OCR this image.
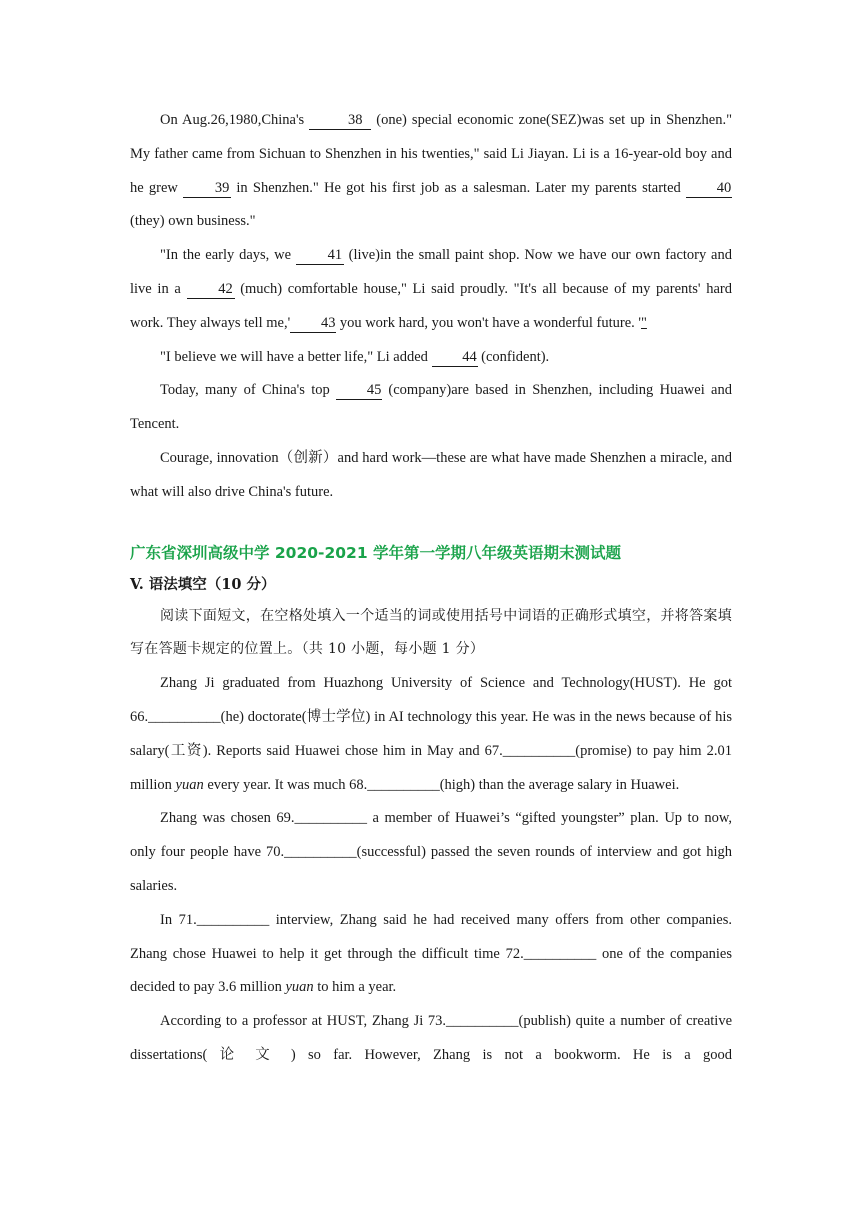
On Aug.26,1980,China's	38 (one) special economic zone(SEZ)was set up in Shenzhen." My father came from Sichuan to Shenzhen in his twenties," said Li Jiayan. Li is a 16-year-old boy and he grew 39 in Shenzhen." He got his first job as a salesman. Later my parents started 40 (they) own business."

"In the early days, we 41 (live)in the small paint shop. Now we have our own factory and live in a 42 (much) comfortable house," Li said proudly. "It's all because of my parents' hard work. They always tell me,' 43 you work hard, you won't have a wonderful future. '"

"I believe we will have a better life," Li added 44 (confident).

Today, many of China's top 45 (company)are based in Shenzhen, including Huawei and Tencent.

Courage, innovation（创新）and hard work—these are what have made Shenzhen a miracle, and what will also drive China's future.

广东省深圳高级中学 2020-2021 学年第一学期八年级英语期末测试题
V. 语法填空（10 分）

阅读下面短文，在空格处填入一个适当的词或使用括号中词语的正确形式填空，并将答案填写在答题卡规定的位置上。（共 10 小题，每小题 1 分）

Zhang Ji graduated from Huazhong University of Science and Technology(HUST). He got 66.__________(he) doctorate(博士学位) in AI technology this year. He was in the news because of his salary(工资). Reports said Huawei chose him in May and 67.__________(promise) to pay him 2.01 million yuan every year. It was much 68.__________(high) than the average salary in Huawei.

Zhang was chosen 69.__________ a member of Huawei’s “gifted youngster” plan. Up to now, only four people have 70.__________(successful) passed the seven rounds of interview and got high salaries.

In 71.__________ interview, Zhang said he had received many offers from other companies. Zhang chose Huawei to help it get through the difficult time 72.__________ one of the companies decided to pay 3.6 million yuan to him a year.

According to a professor at HUST, Zhang Ji 73.__________(publish) quite a number of creative dissertations( 论 文 ) so far. However, Zhang is not a bookworm. He is a good
